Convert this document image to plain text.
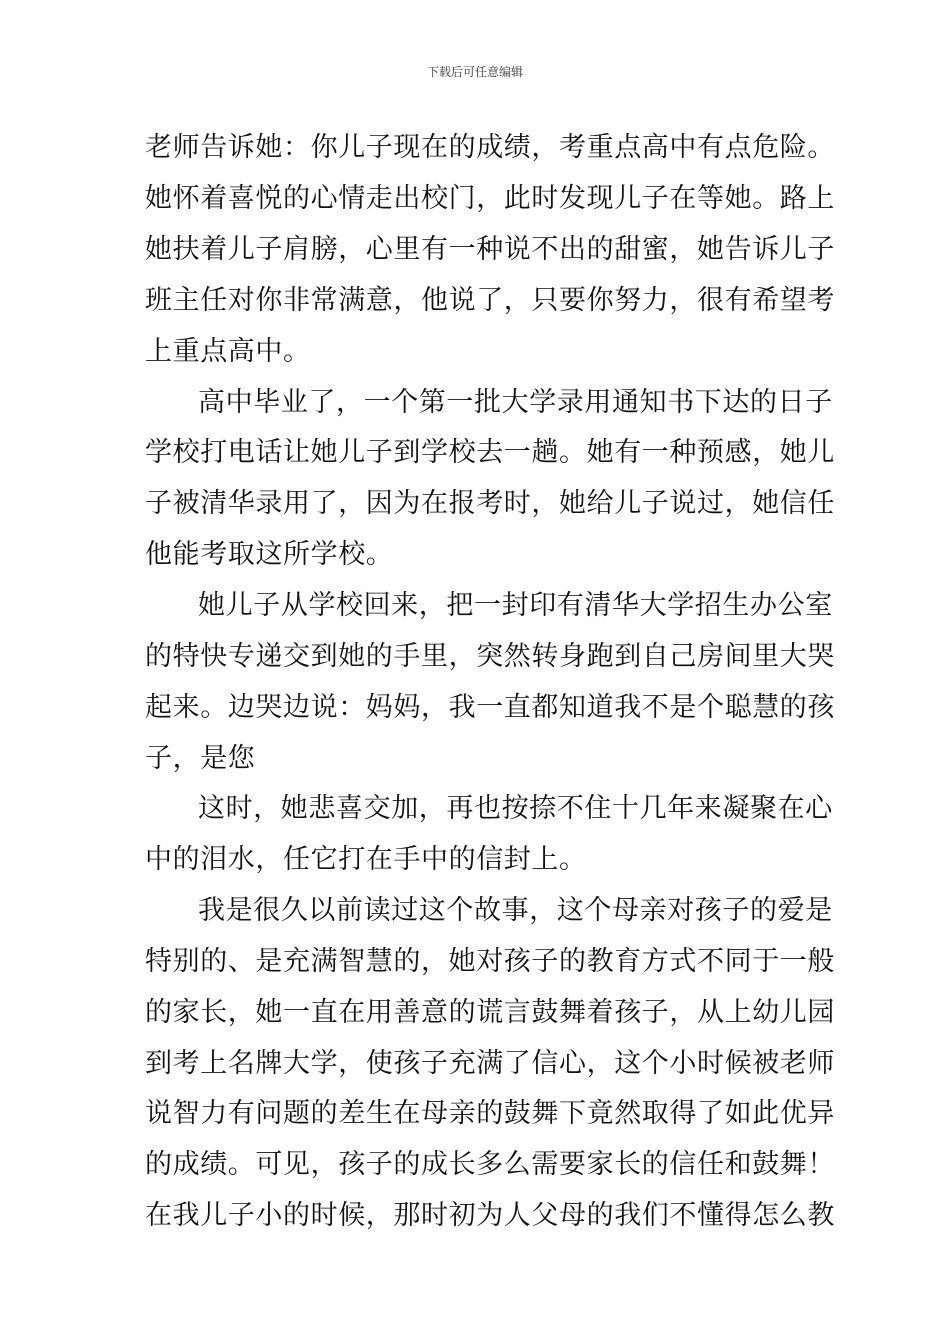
下载后可任意编辑
老师告诉她：你儿子现在的成绩，考重点高中有点危险。
她怀着喜悦的心情走出校门，此时发现儿子在等她。路上
她扶着儿子肩膀，心里有一种说不出的甜蜜，她告诉儿子
班主任对你非常满意，他说了，只要你努力，很有希望考
上重点高中。
高中毕业了，一个第一批大学录用通知书下达的日子
学校打电话让她儿子到学校去一趟。她有一种预感，她儿
子被清华录用了，因为在报考时，她给儿子说过，她信任
他能考取这所学校。
她儿子从学校回来，把一封印有清华大学招生办公室
的特快专递交到她的手里，突然转身跑到自己房间里大哭
起来。边哭边说：妈妈，我一直都知道我不是个聪慧的孩
子，是您
这时，她悲喜交加，再也按捺不住十几年来凝聚在心
中的泪水，任它打在手中的信封上。
我是很久以前读过这个故事，这个母亲对孩子的爱是
特别的、是充满智慧的，她对孩子的教育方式不同于一般
的家长，她一直在用善意的谎言鼓舞着孩子，从上幼儿园
到考上名牌大学，使孩子充满了信心，这个小时候被老师
说智力有问题的差生在母亲的鼓舞下竟然取得了如此优异
的成绩。可见，孩子的成长多么需要家长的信任和鼓舞！
在我儿子小的时候，那时初为人父母的我们不懂得怎么教
